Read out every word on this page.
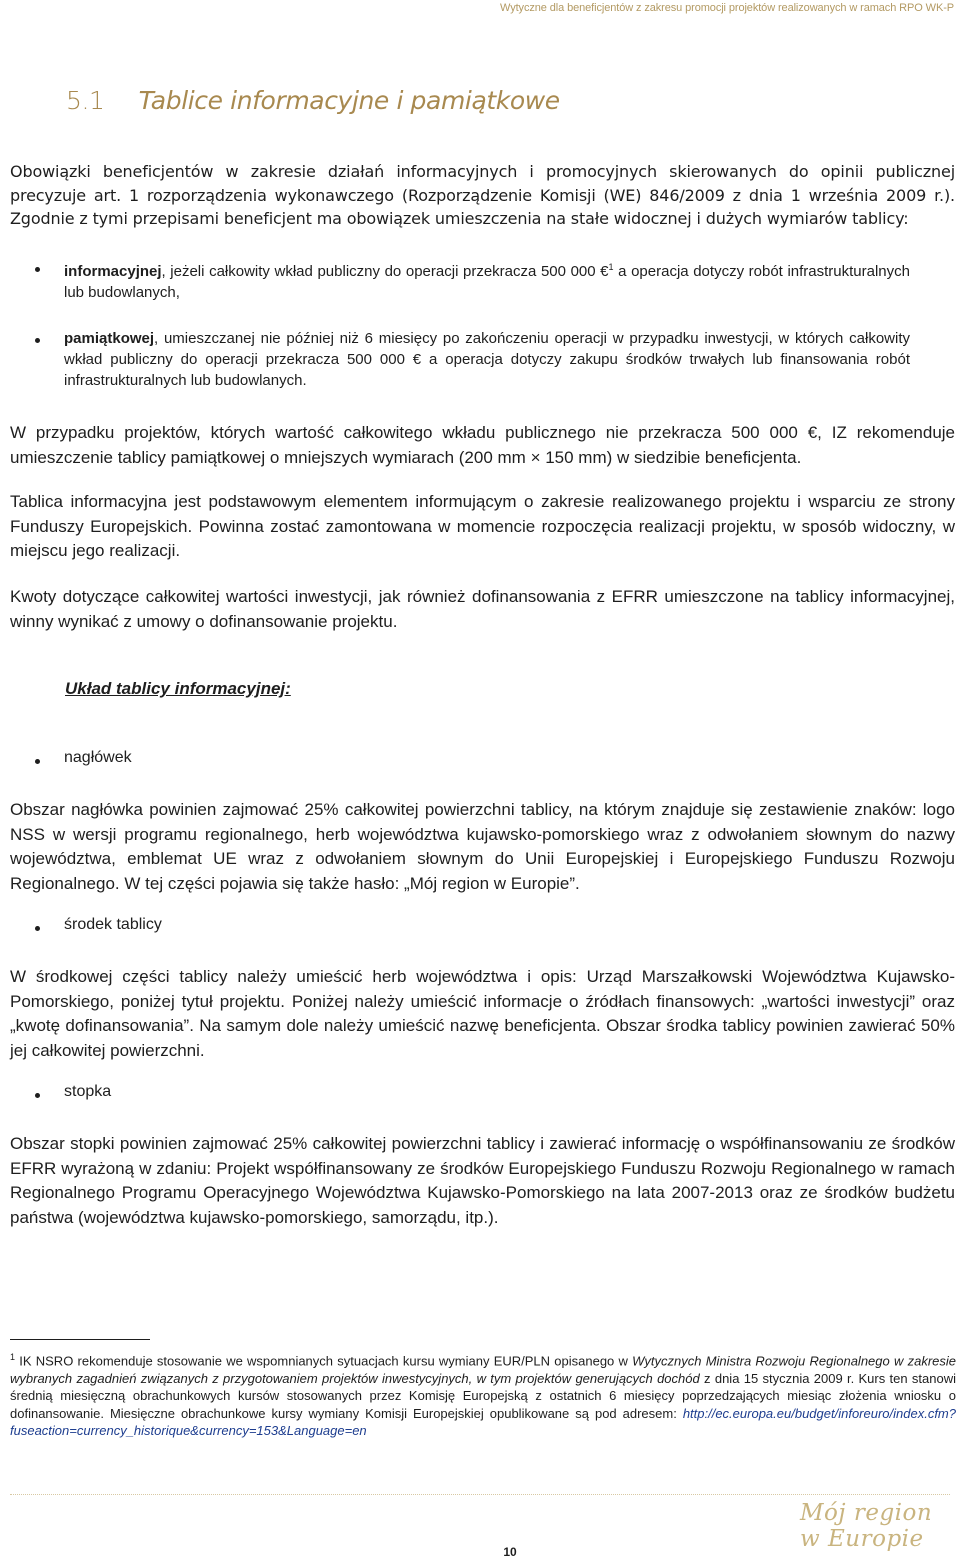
Wytyczne dla beneficjentów z zakresu promocji projektów realizowanych w ramach RPO WK-P
5.1 Tablice informacyjne i pamiątkowe
Obowiązki beneficjentów w zakresie działań informacyjnych i promocyjnych skierowanych do opinii publicznej precyzuje art. 1 rozporządzenia wykonawczego (Rozporządzenie Komisji (WE) 846/2009 z dnia 1 września 2009 r.). Zgodnie z tymi przepisami beneficjent ma obowiązek umieszczenia na stałe widocznej i dużych wymiarów tablicy:
informacyjnej, jeżeli całkowity wkład publiczny do operacji przekracza 500 000 €$^1$ a operacja dotyczy robót infrastrukturalnych lub budowlanych,
pamiątkowej, umieszczanej nie później niż 6 miesięcy po zakończeniu operacji w przypadku inwestycji, w których całkowity wkład publiczny do operacji przekracza 500 000 € a operacja dotyczy zakupu środków trwałych lub finansowania robót infrastrukturalnych lub budowlanych.
W przypadku projektów, których wartość całkowitego wkładu publicznego nie przekracza 500 000 €, IZ rekomenduje umieszczenie tablicy pamiątkowej o mniejszych wymiarach (200 mm × 150 mm) w siedzibie beneficjenta.
Tablica informacyjna jest podstawowym elementem informującym o zakresie realizowanego projektu i wsparciu ze strony Funduszy Europejskich. Powinna zostać zamontowana w momencie rozpoczęcia realizacji projektu, w sposób widoczny, w miejscu jego realizacji.
Kwoty dotyczące całkowitej wartości inwestycji, jak również dofinansowania z EFRR umieszczone na tablicy informacyjnej, winny wynikać z umowy o dofinansowanie projektu.
Układ tablicy informacyjnej:
nagłówek
Obszar nagłówka powinien zajmować 25% całkowitej powierzchni tablicy, na którym znajduje się zestawienie znaków: logo NSS w wersji programu regionalnego, herb województwa kujawsko-pomorskiego wraz z odwołaniem słownym do nazwy województwa, emblemat UE wraz z odwołaniem słownym do Unii Europejskiej i Europejskiego Funduszu Rozwoju Regionalnego. W tej części pojawia się także hasło: „Mój region w Europie”.
środek tablicy
W środkowej części tablicy należy umieścić herb województwa i opis: Urząd Marszałkowski Województwa Kujawsko-Pomorskiego, poniżej tytuł projektu. Poniżej należy umieścić informacje o źródłach finansowych: „wartości inwestycji” oraz „kwotę dofinansowania”. Na samym dole należy umieścić nazwę beneficjenta. Obszar środka tablicy powinien zawierać 50% jej całkowitej powierzchni.
stopka
Obszar stopki powinien zajmować 25% całkowitej powierzchni tablicy i zawierać informację o współfinansowaniu ze środków EFRR wyrażoną w zdaniu: Projekt współfinansowany ze środków Europejskiego Funduszu Rozwoju Regionalnego w ramach Regionalnego Programu Operacyjnego Województwa Kujawsko-Pomorskiego na lata 2007-2013 oraz ze środków budżetu państwa (województwa kujawsko-pomorskiego, samorządu, itp.).
$^1$ IK NSRO rekomenduje stosowanie we wspomnianych sytuacjach kursu wymiany EUR/PLN opisanego w Wytycznych Ministra Rozwoju Regionalnego w zakresie wybranych zagadnień związanych z przygotowaniem projektów inwestycyjnych, w tym projektów generujących dochód z dnia 15 stycznia 2009 r. Kurs ten stanowi średnią miesięczną obrachunkowych kursów stosowanych przez Komisję Europejską z ostatnich 6 miesięcy poprzedzających miesiąc złożenia wniosku o dofinansowanie. Miesięczne obrachunkowe kursy wymiany Komisji Europejskiej opublikowane są pod adresem: http://ec.europa.eu/budget/inforeuro/index.cfm?fuseaction=currency_historique&currency=153&Language=en
Mój region w Europie
10
